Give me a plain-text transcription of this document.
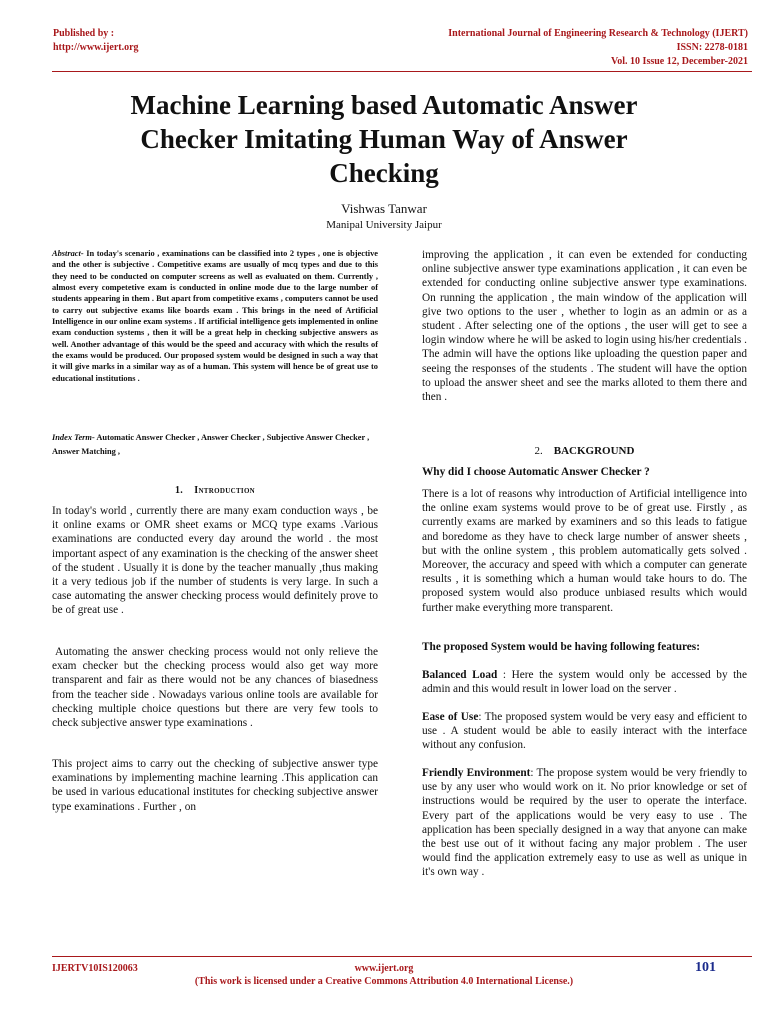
Published by :
http://www.ijert.org
International Journal of Engineering Research & Technology (IJERT)
ISSN: 2278-0181
Vol. 10 Issue 12, December-2021
Machine Learning based Automatic Answer
Checker Imitating Human Way of Answer
Checking
Vishwas Tanwar
Manipal University Jaipur

Abstract- In today's scenario , examinations can be classified into 2 types , one is objective and the other is subjective . Competitive exams are usually of mcq types and due to this they need to be conducted on computer screens as well as evaluated on them. Currently , almost every competetive exam is conducted in online mode due to the large number of students appearing in them . But apart from competitive exams , computers cannot be used to carry out subjective exams like boards exam . This brings in the need of Artificial Intelligence in our online exam systems . If artificial intelligence gets implemented in online exam conduction systems , then it will be a great help in checking subjective answers as well. Another advantage of this would be the speed and accuracy with which the results of the exams would be produced. Our proposed system would be designed in such a way that it will give marks in a similar way as of a human. This system will hence be of great use to educational institutions .

Index Term- Automatic Answer Checker , Answer Checker , Subjective Answer Checker , Answer Matching ,

1. Introduction

In today's world , currently there are many exam conduction ways , be it online exams or OMR sheet exams or MCQ type exams .Various examinations are conducted every day around the world . the most important aspect of any examination is the checking of the answer sheet of the student . Usually it is done by the teacher manually ,thus making it a very tedious job if the number of students is very large. In such a case automating the answer checking process would definitely prove to be of great use .

Automating the answer checking process would not only relieve the exam checker but the checking process would also get way more transparent and fair as there would not be any chances of biasedness from the teacher side . Nowadays various online tools are available for checking multiple choice questions but there are very few tools to check subjective answer type examinations .

This project aims to carry out the checking of subjective answer type examinations by implementing machine learning .This application can be used in various educational institutes for checking subjective answer type examinations . Further , on

improving the application , it can even be extended for conducting online subjective answer type examinations application , it can even be extended for conducting online subjective answer type examinations. On running the application , the main window of the application will give two options to the user , whether to login as an admin or as a student . After selecting one of the options , the user will get to see a login window where he will be asked to login using his/her credentials . The admin will have the options like uploading the question paper and seeing the responses of the students . The student will have the option to upload the answer sheet and see the marks alloted to them there and then .

2. BACKGROUND
Why did I choose Automatic Answer Checker ?

There is a lot of reasons why introduction of Artificial intelligence into the online exam systems would prove to be of great use. Firstly , as currently exams are marked by examiners and so this leads to fatigue and boredome as they have to check large number of answer sheets , but with the online system , this problem automatically gets solved . Moreover, the accuracy and speed with which a computer can generate results , it is something which a human would take hours to do. The proposed system would also produce unbiased results which would further make everything more transparent.

The proposed System would be having following features:

Balanced Load : Here the system would only be accessed by the admin and this would result in lower load on the server .

Ease of Use: The proposed system would be very easy and efficient to use . A student would be able to easily interact with the interface without any confusion.

Friendly Environment: The propose system would be very friendly to use by any user who would work on it. No prior knowledge or set of instructions would be required by the user to operate the interface. Every part of the applications would be very easy to use . The application has been specially designed in a way that anyone can make the best use out of it without facing any major problem . The user would find the application extremely easy to use as well as unique in it's own way .

IJERTV10IS120063	www.ijert.org
(This work is licensed under a Creative Commons Attribution 4.0 International License.)
101
